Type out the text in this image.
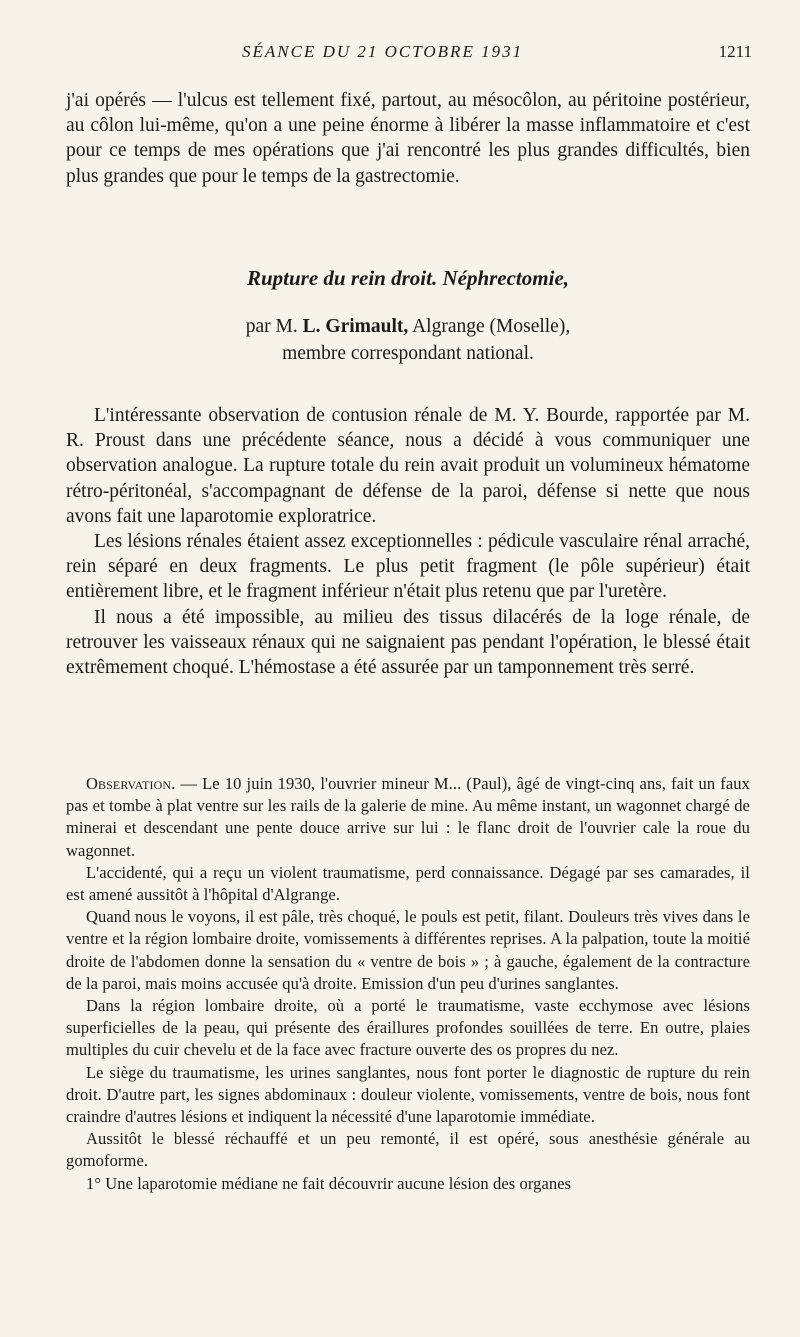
SÉANCE DU 21 OCTOBRE 1931	1211

j'ai opérés — l'ulcus est tellement fixé, partout, au mésocôlon, au péritoine postérieur, au côlon lui-même, qu'on a une peine énorme à libérer la masse inflammatoire et c'est pour ce temps de mes opérations que j'ai rencontré les plus grandes difficultés, bien plus grandes que pour le temps de la gastrectomie.

Rupture du rein droit. Néphrectomie,
par M. L. Grimault, Algrange (Moselle),
membre correspondant national.

L'intéressante observation de contusion rénale de M. Y. Bourde, rapportée par M. R. Proust dans une précédente séance, nous a décidé à vous communiquer une observation analogue. La rupture totale du rein avait produit un volumineux hématome rétro-péritonéal, s'accompagnant de défense de la paroi, défense si nette que nous avons fait une laparotomie exploratrice.

Les lésions rénales étaient assez exceptionnelles : pédicule vasculaire rénal arraché, rein séparé en deux fragments. Le plus petit fragment (le pôle supérieur) était entièrement libre, et le fragment inférieur n'était plus retenu que par l'uretère.

Il nous a été impossible, au milieu des tissus dilacérés de la loge rénale, de retrouver les vaisseaux rénaux qui ne saignaient pas pendant l'opération, le blessé était extrêmement choqué. L'hémostase a été assurée par un tamponnement très serré.

Observation. — Le 10 juin 1930, l'ouvrier mineur M... (Paul), âgé de vingt-cinq ans, fait un faux pas et tombe à plat ventre sur les rails de la galerie de mine. Au même instant, un wagonnet chargé de minerai et descendant une pente douce arrive sur lui : le flanc droit de l'ouvrier cale la roue du wagonnet.

L'accidenté, qui a reçu un violent traumatisme, perd connaissance. Dégagé par ses camarades, il est amené aussitôt à l'hôpital d'Algrange.

Quand nous le voyons, il est pâle, très choqué, le pouls est petit, filant. Douleurs très vives dans le ventre et la région lombaire droite, vomissements à différentes reprises. A la palpation, toute la moitié droite de l'abdomen donne la sensation du « ventre de bois » ; à gauche, également de la contracture de la paroi, mais moins accusée qu'à droite. Emission d'un peu d'urines sanglantes.

Dans la région lombaire droite, où a porté le traumatisme, vaste ecchymose avec lésions superficielles de la peau, qui présente des éraillures profondes souillées de terre. En outre, plaies multiples du cuir chevelu et de la face avec fracture ouverte des os propres du nez.

Le siège du traumatisme, les urines sanglantes, nous font porter le diagnostic de rupture du rein droit. D'autre part, les signes abdominaux : douleur violente, vomissements, ventre de bois, nous font craindre d'autres lésions et indiquent la nécessité d'une laparotomie immédiate.

Aussitôt le blessé réchauffé et un peu remonté, il est opéré, sous anesthésie générale au gomoforme.

1° Une laparotomie médiane ne fait découvrir aucune lésion des organes
